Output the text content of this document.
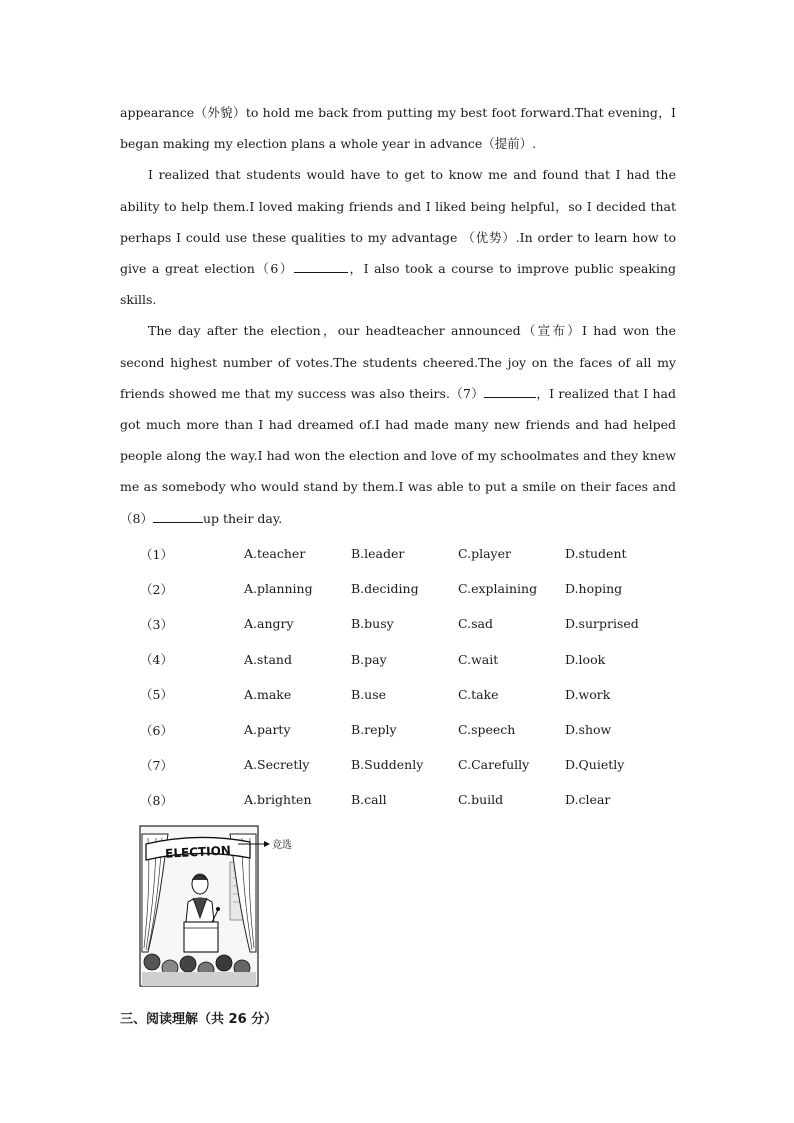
appearance（外貌）to hold me back from putting my best foot forward.That evening，I began making my election plans a whole year in advance（提前）.

I realized that students would have to get to know me and found that I had the ability to help them.I loved making friends and I liked being helpful，so I decided that perhaps I could use these qualities to my advantage （优势）.In order to learn how to give a great election（6）	，I also took a course to improve public speaking skills.

The day after the election，our headteacher announced（宣布）I had won the second highest number of votes.The students cheered.The joy on the faces of all my friends showed me that my success was also theirs.（7）	，I realized that I had got much more than I had dreamed of.I had made many new friends and had helped people along the way.I had won the election and love of my schoolmates and they knew me as somebody who would stand by them.I was able to put a smile on their faces and（8）	up their day.

（1）	A.teacher	B.leader	C.player	D.student
（2）	A.planning	B.deciding	C.explaining	D.hoping
（3）	A.angry	B.busy	C.sad	D.surprised
（4）	A.stand	B.pay	C.wait	D.look
（5）	A.make	B.use	C.take	D.work
（6）	A.party	B.reply	C.speech	D.show
（7）	A.Secretly	B.Suddenly	C.Carefully	D.Quietly
（8）	A.brighten	B.call	C.build	D.clear
ELECTION	竞选
三、阅读理解（共 26 分）
